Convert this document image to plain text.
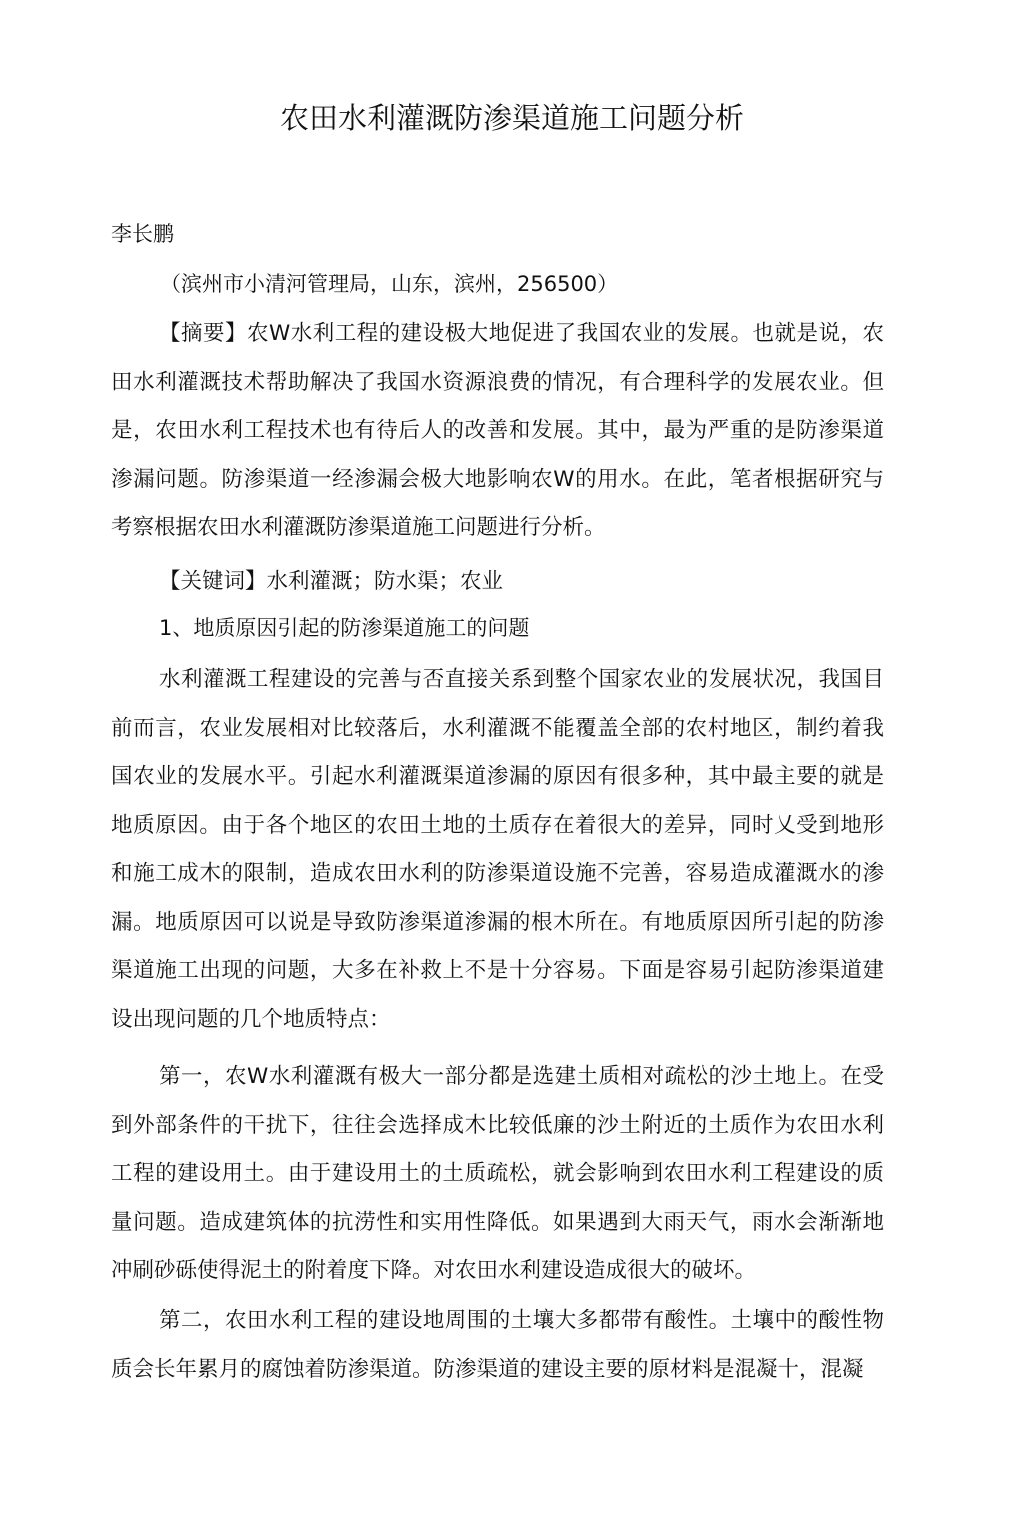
农田水利灌溉防渗渠道施工问题分析

李长鹏

（滨州市小清河管理局，山东，滨州，256500）

【摘要】农W水利工程的建设极大地促进了我国农业的发展。也就是说，农田水利灌溉技术帮助解决了我国水资源浪费的情况，有合理科学的发展农业。但是，农田水利工程技术也有待后人的改善和发展。其中，最为严重的是防渗渠道渗漏问题。防渗渠道一经渗漏会极大地影响农W的用水。在此，笔者根据研究与考察根据农田水利灌溉防渗渠道施工问题进行分析。

【关键词】水利灌溉；防水渠；农业

1、地质原因引起的防渗渠道施工的问题

水利灌溉工程建设的完善与否直接关系到整个国家农业的发展状况，我国目前而言，农业发展相对比较落后，水利灌溉不能覆盖全部的农村地区，制约着我国农业的发展水平。引起水利灌溉渠道渗漏的原因有很多种，其中最主要的就是地质原因。由于各个地区的农田土地的土质存在着很大的差异，同时乂受到地形和施工成木的限制，造成农田水利的防渗渠道设施不完善，容易造成灌溉水的渗漏。地质原因可以说是导致防渗渠道渗漏的根木所在。有地质原因所引起的防渗渠道施工出现的问题，大多在补救上不是十分容易。下面是容易引起防渗渠道建设出现问题的几个地质特点：

第一，农W水利灌溉有极大一部分都是选建土质相对疏松的沙土地上。在受到外部条件的干扰下，往往会选择成木比较低廉的沙土附近的土质作为农田水利工程的建设用土。由于建设用土的土质疏松，就会影响到农田水利工程建设的质量问题。造成建筑体的抗涝性和实用性降低。如果遇到大雨天气，雨水会渐渐地冲刷砂砾使得泥土的附着度下降。对农田水利建设造成很大的破坏。

第二，农田水利工程的建设地周围的土壤大多都带有酸性。土壤中的酸性物质会长年累月的腐蚀着防渗渠道。防渗渠道的建设主要的原材料是混凝十，混凝
